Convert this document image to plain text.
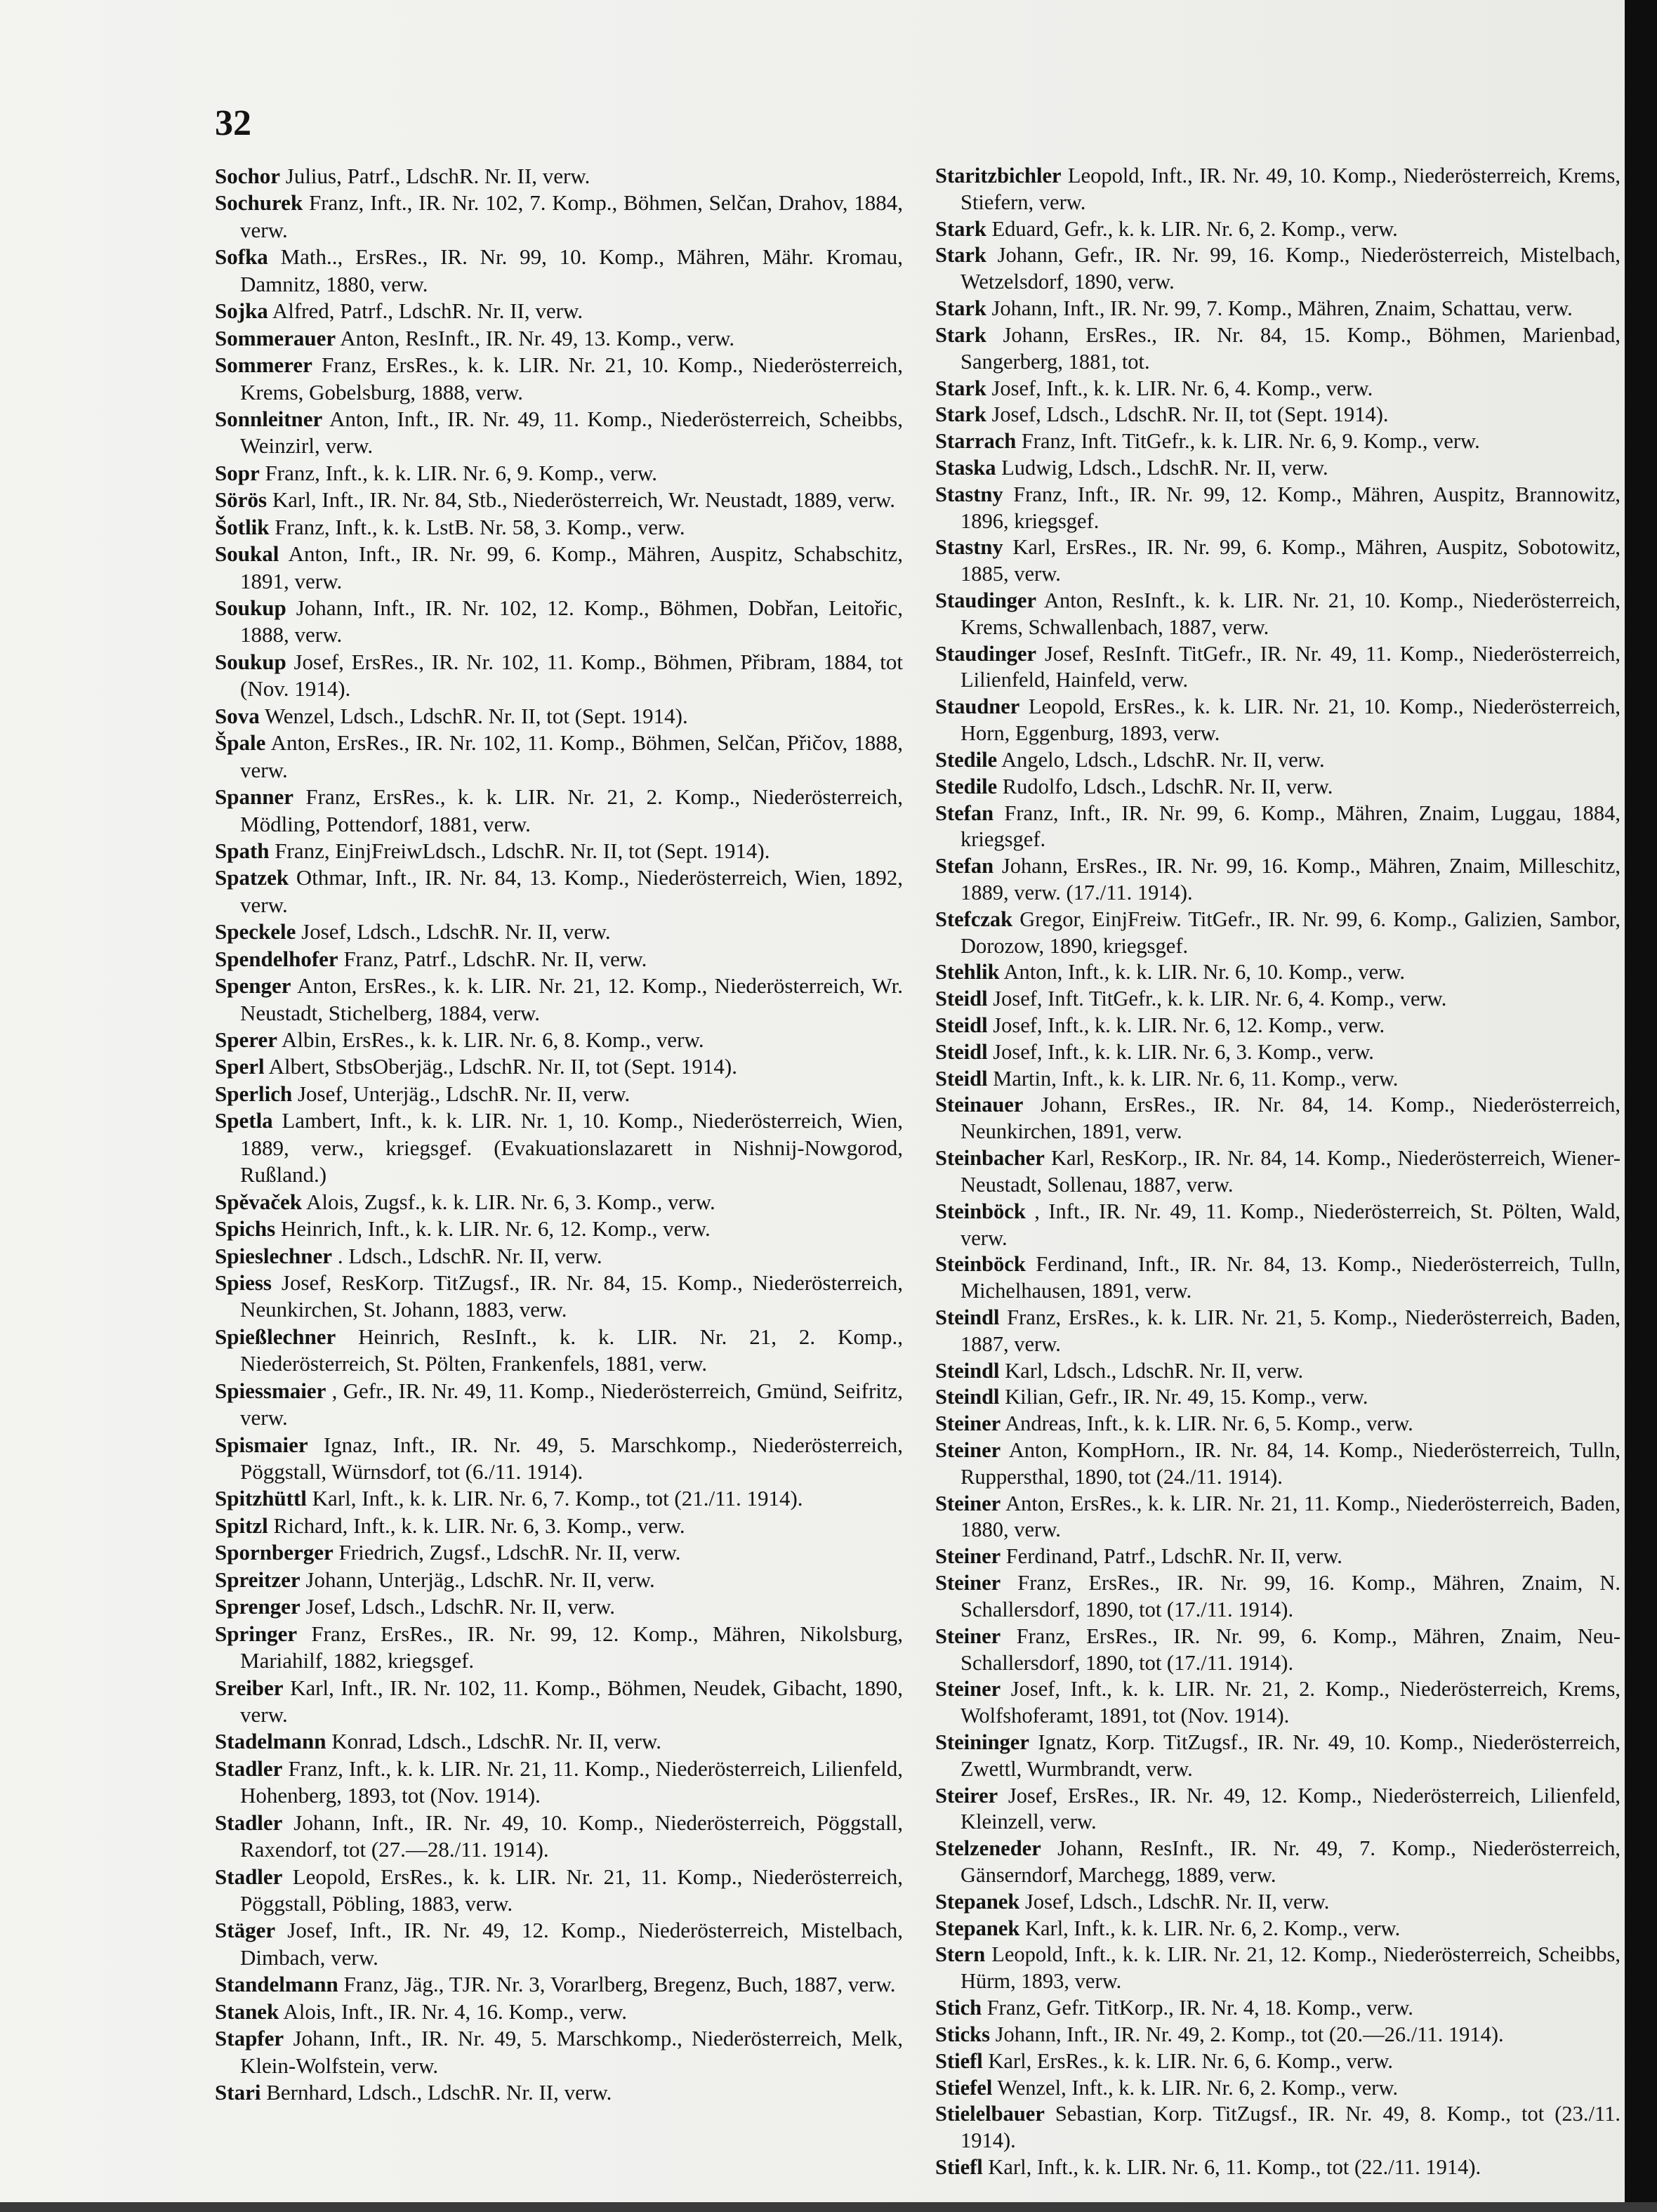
32

Sochor Julius, Patrf., LdschR. Nr. II, verw.

Sochurek Franz, Inft., IR. Nr. 102, 7. Komp., Böhmen, Selčan, Drahov, 1884, verw.

Sofka Math.., ErsRes., IR. Nr. 99, 10. Komp., Mähren, Mähr. Kromau, Damnitz, 1880, verw.

Sojka Alfred, Patrf., LdschR. Nr. II, verw.

Sommerauer Anton, ResInft., IR. Nr. 49, 13. Komp., verw.

Sommerer Franz, ErsRes., k. k. LIR. Nr. 21, 10. Komp., Niederösterreich, Krems, Gobelsburg, 1888, verw.

Sonnleitner Anton, Inft., IR. Nr. 49, 11. Komp., Niederösterreich, Scheibbs, Weinzirl, verw.

Sopr Franz, Inft., k. k. LIR. Nr. 6, 9. Komp., verw.

Sörös Karl, Inft., IR. Nr. 84, Stb., Niederösterreich, Wr. Neustadt, 1889, verw.

Šotlik Franz, Inft., k. k. LstB. Nr. 58, 3. Komp., verw.

Soukal Anton, Inft., IR. Nr. 99, 6. Komp., Mähren, Auspitz, Schabschitz, 1891, verw.

Soukup Johann, Inft., IR. Nr. 102, 12. Komp., Böhmen, Dobřan, Leitořic, 1888, verw.

Soukup Josef, ErsRes., IR. Nr. 102, 11. Komp., Böhmen, Přibram, 1884, tot (Nov. 1914).

Sova Wenzel, Ldsch., LdschR. Nr. II, tot (Sept. 1914).

Špale Anton, ErsRes., IR. Nr. 102, 11. Komp., Böhmen, Selčan, Přičov, 1888, verw.

Spanner Franz, ErsRes., k. k. LIR. Nr. 21, 2. Komp., Niederösterreich, Mödling, Pottendorf, 1881, verw.

Spath Franz, EinjFreiwLdsch., LdschR. Nr. II, tot (Sept. 1914).

Spatzek Othmar, Inft., IR. Nr. 84, 13. Komp., Niederösterreich, Wien, 1892, verw.

Speckele Josef, Ldsch., LdschR. Nr. II, verw.

Spendelhofer Franz, Patrf., LdschR. Nr. II, verw.

Spenger Anton, ErsRes., k. k. LIR. Nr. 21, 12. Komp., Niederösterreich, Wr. Neustadt, Stichelberg, 1884, verw.

Sperer Albin, ErsRes., k. k. LIR. Nr. 6, 8. Komp., verw.

Sperl Albert, StbsOberjäg., LdschR. Nr. II, tot (Sept. 1914).

Sperlich Josef, Unterjäg., LdschR. Nr. II, verw.

Spetla Lambert, Inft., k. k. LIR. Nr. 1, 10. Komp., Niederösterreich, Wien, 1889, verw., kriegsgef. (Evakuationslazarett in Nishnij-Nowgorod, Rußland.)

Spěvaček Alois, Zugsf., k. k. LIR. Nr. 6, 3. Komp., verw.

Spichs Heinrich, Inft., k. k. LIR. Nr. 6, 12. Komp., verw.

Spieslechner . Ldsch., LdschR. Nr. II, verw.

Spiess Josef, ResKorp. TitZugsf., IR. Nr. 84, 15. Komp., Niederösterreich, Neunkirchen, St. Johann, 1883, verw.

Spießlechner Heinrich, ResInft., k. k. LIR. Nr. 21, 2. Komp., Niederösterreich, St. Pölten, Frankenfels, 1881, verw.

Spiessmaier , Gefr., IR. Nr. 49, 11. Komp., Niederösterreich, Gmünd, Seifritz, verw.

Spismaier Ignaz, Inft., IR. Nr. 49, 5. Marschkomp., Niederösterreich, Pöggstall, Würnsdorf, tot (6./11. 1914).

Spitzhüttl Karl, Inft., k. k. LIR. Nr. 6, 7. Komp., tot (21./11. 1914).

Spitzl Richard, Inft., k. k. LIR. Nr. 6, 3. Komp., verw.

Spornberger Friedrich, Zugsf., LdschR. Nr. II, verw.

Spreitzer Johann, Unterjäg., LdschR. Nr. II, verw.

Sprenger Josef, Ldsch., LdschR. Nr. II, verw.

Springer Franz, ErsRes., IR. Nr. 99, 12. Komp., Mähren, Nikolsburg, Mariahilf, 1882, kriegsgef.

Sreiber Karl, Inft., IR. Nr. 102, 11. Komp., Böhmen, Neudek, Gibacht, 1890, verw.

Stadelmann Konrad, Ldsch., LdschR. Nr. II, verw.

Stadler Franz, Inft., k. k. LIR. Nr. 21, 11. Komp., Niederösterreich, Lilienfeld, Hohenberg, 1893, tot (Nov. 1914).

Stadler Johann, Inft., IR. Nr. 49, 10. Komp., Niederösterreich, Pöggstall, Raxendorf, tot (27.—28./11. 1914).

Stadler Leopold, ErsRes., k. k. LIR. Nr. 21, 11. Komp., Niederösterreich, Pöggstall, Pöbling, 1883, verw.

Stäger Josef, Inft., IR. Nr. 49, 12. Komp., Niederösterreich, Mistelbach, Dimbach, verw.

Standelmann Franz, Jäg., TJR. Nr. 3, Vorarlberg, Bregenz, Buch, 1887, verw.

Stanek Alois, Inft., IR. Nr. 4, 16. Komp., verw.

Stapfer Johann, Inft., IR. Nr. 49, 5. Marschkomp., Niederösterreich, Melk, Klein-Wolfstein, verw.

Stari Bernhard, Ldsch., LdschR. Nr. II, verw.

Staritzbichler Leopold, Inft., IR. Nr. 49, 10. Komp., Niederösterreich, Krems, Stiefern, verw.

Stark Eduard, Gefr., k. k. LIR. Nr. 6, 2. Komp., verw.

Stark Johann, Gefr., IR. Nr. 99, 16. Komp., Niederösterreich, Mistelbach, Wetzelsdorf, 1890, verw.

Stark Johann, Inft., IR. Nr. 99, 7. Komp., Mähren, Znaim, Schattau, verw.

Stark Johann, ErsRes., IR. Nr. 84, 15. Komp., Böhmen, Marienbad, Sangerberg, 1881, tot.

Stark Josef, Inft., k. k. LIR. Nr. 6, 4. Komp., verw.

Stark Josef, Ldsch., LdschR. Nr. II, tot (Sept. 1914).

Starrach Franz, Inft. TitGefr., k. k. LIR. Nr. 6, 9. Komp., verw.

Staska Ludwig, Ldsch., LdschR. Nr. II, verw.

Stastny Franz, Inft., IR. Nr. 99, 12. Komp., Mähren, Auspitz, Brannowitz, 1896, kriegsgef.

Stastny Karl, ErsRes., IR. Nr. 99, 6. Komp., Mähren, Auspitz, Sobotowitz, 1885, verw.

Staudinger Anton, ResInft., k. k. LIR. Nr. 21, 10. Komp., Niederösterreich, Krems, Schwallenbach, 1887, verw.

Staudinger Josef, ResInft. TitGefr., IR. Nr. 49, 11. Komp., Niederösterreich, Lilienfeld, Hainfeld, verw.

Staudner Leopold, ErsRes., k. k. LIR. Nr. 21, 10. Komp., Niederösterreich, Horn, Eggenburg, 1893, verw.

Stedile Angelo, Ldsch., LdschR. Nr. II, verw.

Stedile Rudolfo, Ldsch., LdschR. Nr. II, verw.

Stefan Franz, Inft., IR. Nr. 99, 6. Komp., Mähren, Znaim, Luggau, 1884, kriegsgef.

Stefan Johann, ErsRes., IR. Nr. 99, 16. Komp., Mähren, Znaim, Milleschitz, 1889, verw. (17./11. 1914).

Stefczak Gregor, EinjFreiw. TitGefr., IR. Nr. 99, 6. Komp., Galizien, Sambor, Dorozow, 1890, kriegsgef.

Stehlik Anton, Inft., k. k. LIR. Nr. 6, 10. Komp., verw.

Steidl Josef, Inft. TitGefr., k. k. LIR. Nr. 6, 4. Komp., verw.

Steidl Josef, Inft., k. k. LIR. Nr. 6, 12. Komp., verw.

Steidl Josef, Inft., k. k. LIR. Nr. 6, 3. Komp., verw.

Steidl Martin, Inft., k. k. LIR. Nr. 6, 11. Komp., verw.

Steinauer Johann, ErsRes., IR. Nr. 84, 14. Komp., Niederösterreich, Neunkirchen, 1891, verw.

Steinbacher Karl, ResKorp., IR. Nr. 84, 14. Komp., Niederösterreich, Wiener-Neustadt, Sollenau, 1887, verw.

Steinböck , Inft., IR. Nr. 49, 11. Komp., Niederösterreich, St. Pölten, Wald, verw.

Steinböck Ferdinand, Inft., IR. Nr. 84, 13. Komp., Niederösterreich, Tulln, Michelhausen, 1891, verw.

Steindl Franz, ErsRes., k. k. LIR. Nr. 21, 5. Komp., Niederösterreich, Baden, 1887, verw.

Steindl Karl, Ldsch., LdschR. Nr. II, verw.

Steindl Kilian, Gefr., IR. Nr. 49, 15. Komp., verw.

Steiner Andreas, Inft., k. k. LIR. Nr. 6, 5. Komp., verw.

Steiner Anton, KompHorn., IR. Nr. 84, 14. Komp., Niederösterreich, Tulln, Ruppersthal, 1890, tot (24./11. 1914).

Steiner Anton, ErsRes., k. k. LIR. Nr. 21, 11. Komp., Niederösterreich, Baden, 1880, verw.

Steiner Ferdinand, Patrf., LdschR. Nr. II, verw.

Steiner Franz, ErsRes., IR. Nr. 99, 16. Komp., Mähren, Znaim, N. Schallersdorf, 1890, tot (17./11. 1914).

Steiner Franz, ErsRes., IR. Nr. 99, 6. Komp., Mähren, Znaim, Neu-Schallersdorf, 1890, tot (17./11. 1914).

Steiner Josef, Inft., k. k. LIR. Nr. 21, 2. Komp., Niederösterreich, Krems, Wolfshoferamt, 1891, tot (Nov. 1914).

Steininger Ignatz, Korp. TitZugsf., IR. Nr. 49, 10. Komp., Niederösterreich, Zwettl, Wurmbrandt, verw.

Steirer Josef, ErsRes., IR. Nr. 49, 12. Komp., Niederösterreich, Lilienfeld, Kleinzell, verw.

Stelzeneder Johann, ResInft., IR. Nr. 49, 7. Komp., Niederösterreich, Gänserndorf, Marchegg, 1889, verw.

Stepanek Josef, Ldsch., LdschR. Nr. II, verw.

Stepanek Karl, Inft., k. k. LIR. Nr. 6, 2. Komp., verw.

Stern Leopold, Inft., k. k. LIR. Nr. 21, 12. Komp., Niederösterreich, Scheibbs, Hürm, 1893, verw.

Stich Franz, Gefr. TitKorp., IR. Nr. 4, 18. Komp., verw.

Sticks Johann, Inft., IR. Nr. 49, 2. Komp., tot (20.—26./11. 1914).

Stiefl Karl, ErsRes., k. k. LIR. Nr. 6, 6. Komp., verw.

Stiefel Wenzel, Inft., k. k. LIR. Nr. 6, 2. Komp., verw.

Stielelbauer Sebastian, Korp. TitZugsf., IR. Nr. 49, 8. Komp., tot (23./11. 1914).

Stiefl Karl, Inft., k. k. LIR. Nr. 6, 11. Komp., tot (22./11. 1914).
